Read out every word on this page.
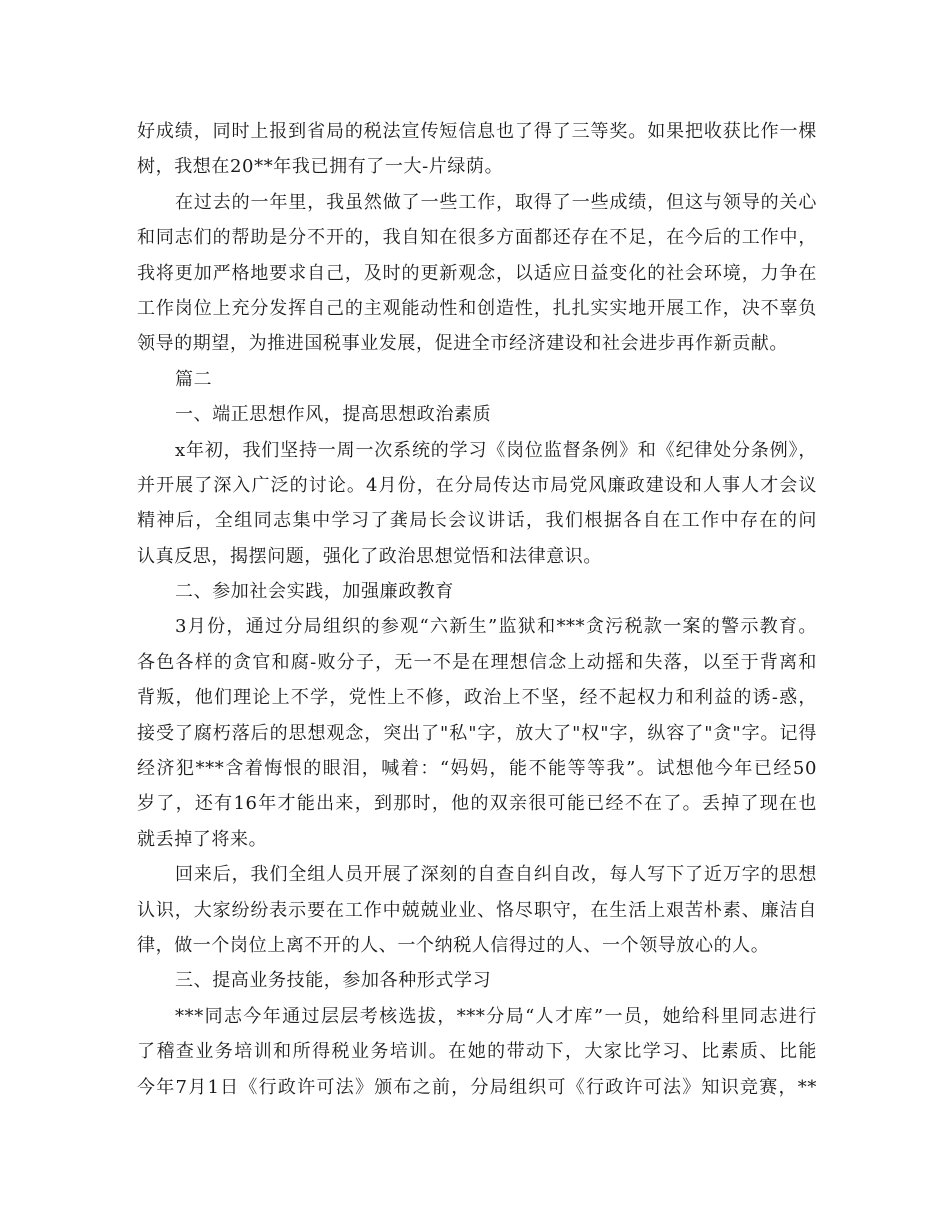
好成绩，同时上报到省局的税法宣传短信息也了得了三等奖。如果把收获比作一棵
树，我想在20**年我已拥有了一大-片绿荫。
在过去的一年里，我虽然做了一些工作，取得了一些成绩，但这与领导的关心
和同志们的帮助是分不开的，我自知在很多方面都还存在不足，在今后的工作中，
我将更加严格地要求自己，及时的更新观念，以适应日益变化的社会环境，力争在
工作岗位上充分发挥自己的主观能动性和创造性，扎扎实实地开展工作，决不辜负
领导的期望，为推进国税事业发展，促进全市经济建设和社会进步再作新贡献。
篇二
一、端正思想作风，提高思想政治素质
x年初，我们坚持一周一次系统的学习《岗位监督条例》和《纪律处分条例》，
并开展了深入广泛的讨论。4月份，在分局传达市局党风廉政建设和人事人才会议
精神后，全组同志集中学习了龚局长会议讲话，我们根据各自在工作中存在的问
认真反思，揭摆问题，强化了政治思想觉悟和法律意识。
二、参加社会实践，加强廉政教育
3月份，通过分局组织的参观“六新生”监狱和***贪污税款一案的警示教育。
各色各样的贪官和腐-败分子，无一不是在理想信念上动摇和失落，以至于背离和
背叛，他们理论上不学，党性上不修，政治上不坚，经不起权力和利益的诱-惑，
接受了腐朽落后的思想观念，突出了"私"字，放大了"权"字，纵容了"贪"字。记得
经济犯***含着悔恨的眼泪，喊着：“妈妈，能不能等等我”。试想他今年已经50
岁了，还有16年才能出来，到那时，他的双亲很可能已经不在了。丢掉了现在也
就丢掉了将来。
回来后，我们全组人员开展了深刻的自查自纠自改，每人写下了近万字的思想
认识，大家纷纷表示要在工作中兢兢业业、恪尽职守，在生活上艰苦朴素、廉洁自
律，做一个岗位上离不开的人、一个纳税人信得过的人、一个领导放心的人。
三、提高业务技能，参加各种形式学习
***同志今年通过层层考核选拔，***分局“人才库”一员，她给科里同志进行
了稽查业务培训和所得税业务培训。在她的带动下，大家比学习、比素质、比能
今年7月1日《行政许可法》颁布之前，分局组织可《行政许可法》知识竞赛，**
